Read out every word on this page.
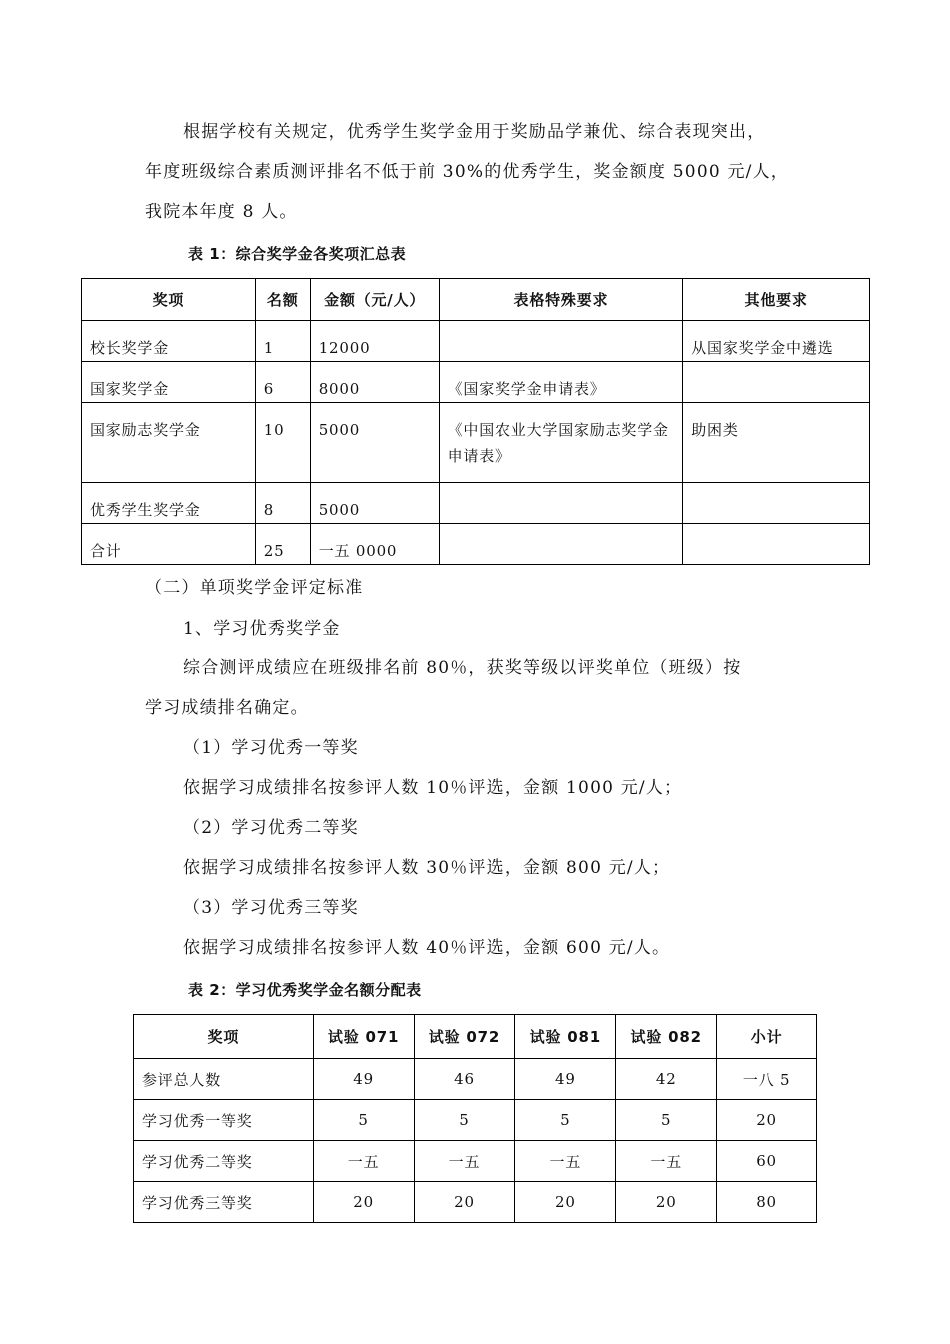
根据学校有关规定，优秀学生奖学金用于奖励品学兼优、综合表现突出，
年度班级综合素质测评排名不低于前 30%的优秀学生，奖金额度 5000 元/人，
我院本年度 8 人。
表 1：综合奖学金各奖项汇总表
奖项	名额	金额（元/人）	表格特殊要求	其他要求
校长奖学金	1	12000		从国家奖学金中遴选
国家奖学金	6	8000	《国家奖学金申请表》	
国家励志奖学金	10	5000	《中国农业大学国家励志奖学金申请表》	助困类
优秀学生奖学金	8	5000		
合计	25	一五 0000		
（二）单项奖学金评定标准
1、学习优秀奖学金
综合测评成绩应在班级排名前 80％，获奖等级以评奖单位（班级）按
学习成绩排名确定。
（1）学习优秀一等奖
依据学习成绩排名按参评人数 10％评选，金额 1000 元/人；
（2）学习优秀二等奖
依据学习成绩排名按参评人数 30％评选，金额 800 元/人；
（3）学习优秀三等奖
依据学习成绩排名按参评人数 40％评选，金额 600 元/人。
表 2：学习优秀奖学金名额分配表
奖项	试验 071	试验 072	试验 081	试验 082	小计
参评总人数	49	46	49	42	一八 5
学习优秀一等奖	5	5	5	5	20
学习优秀二等奖	一五	一五	一五	一五	60
学习优秀三等奖	20	20	20	20	80
